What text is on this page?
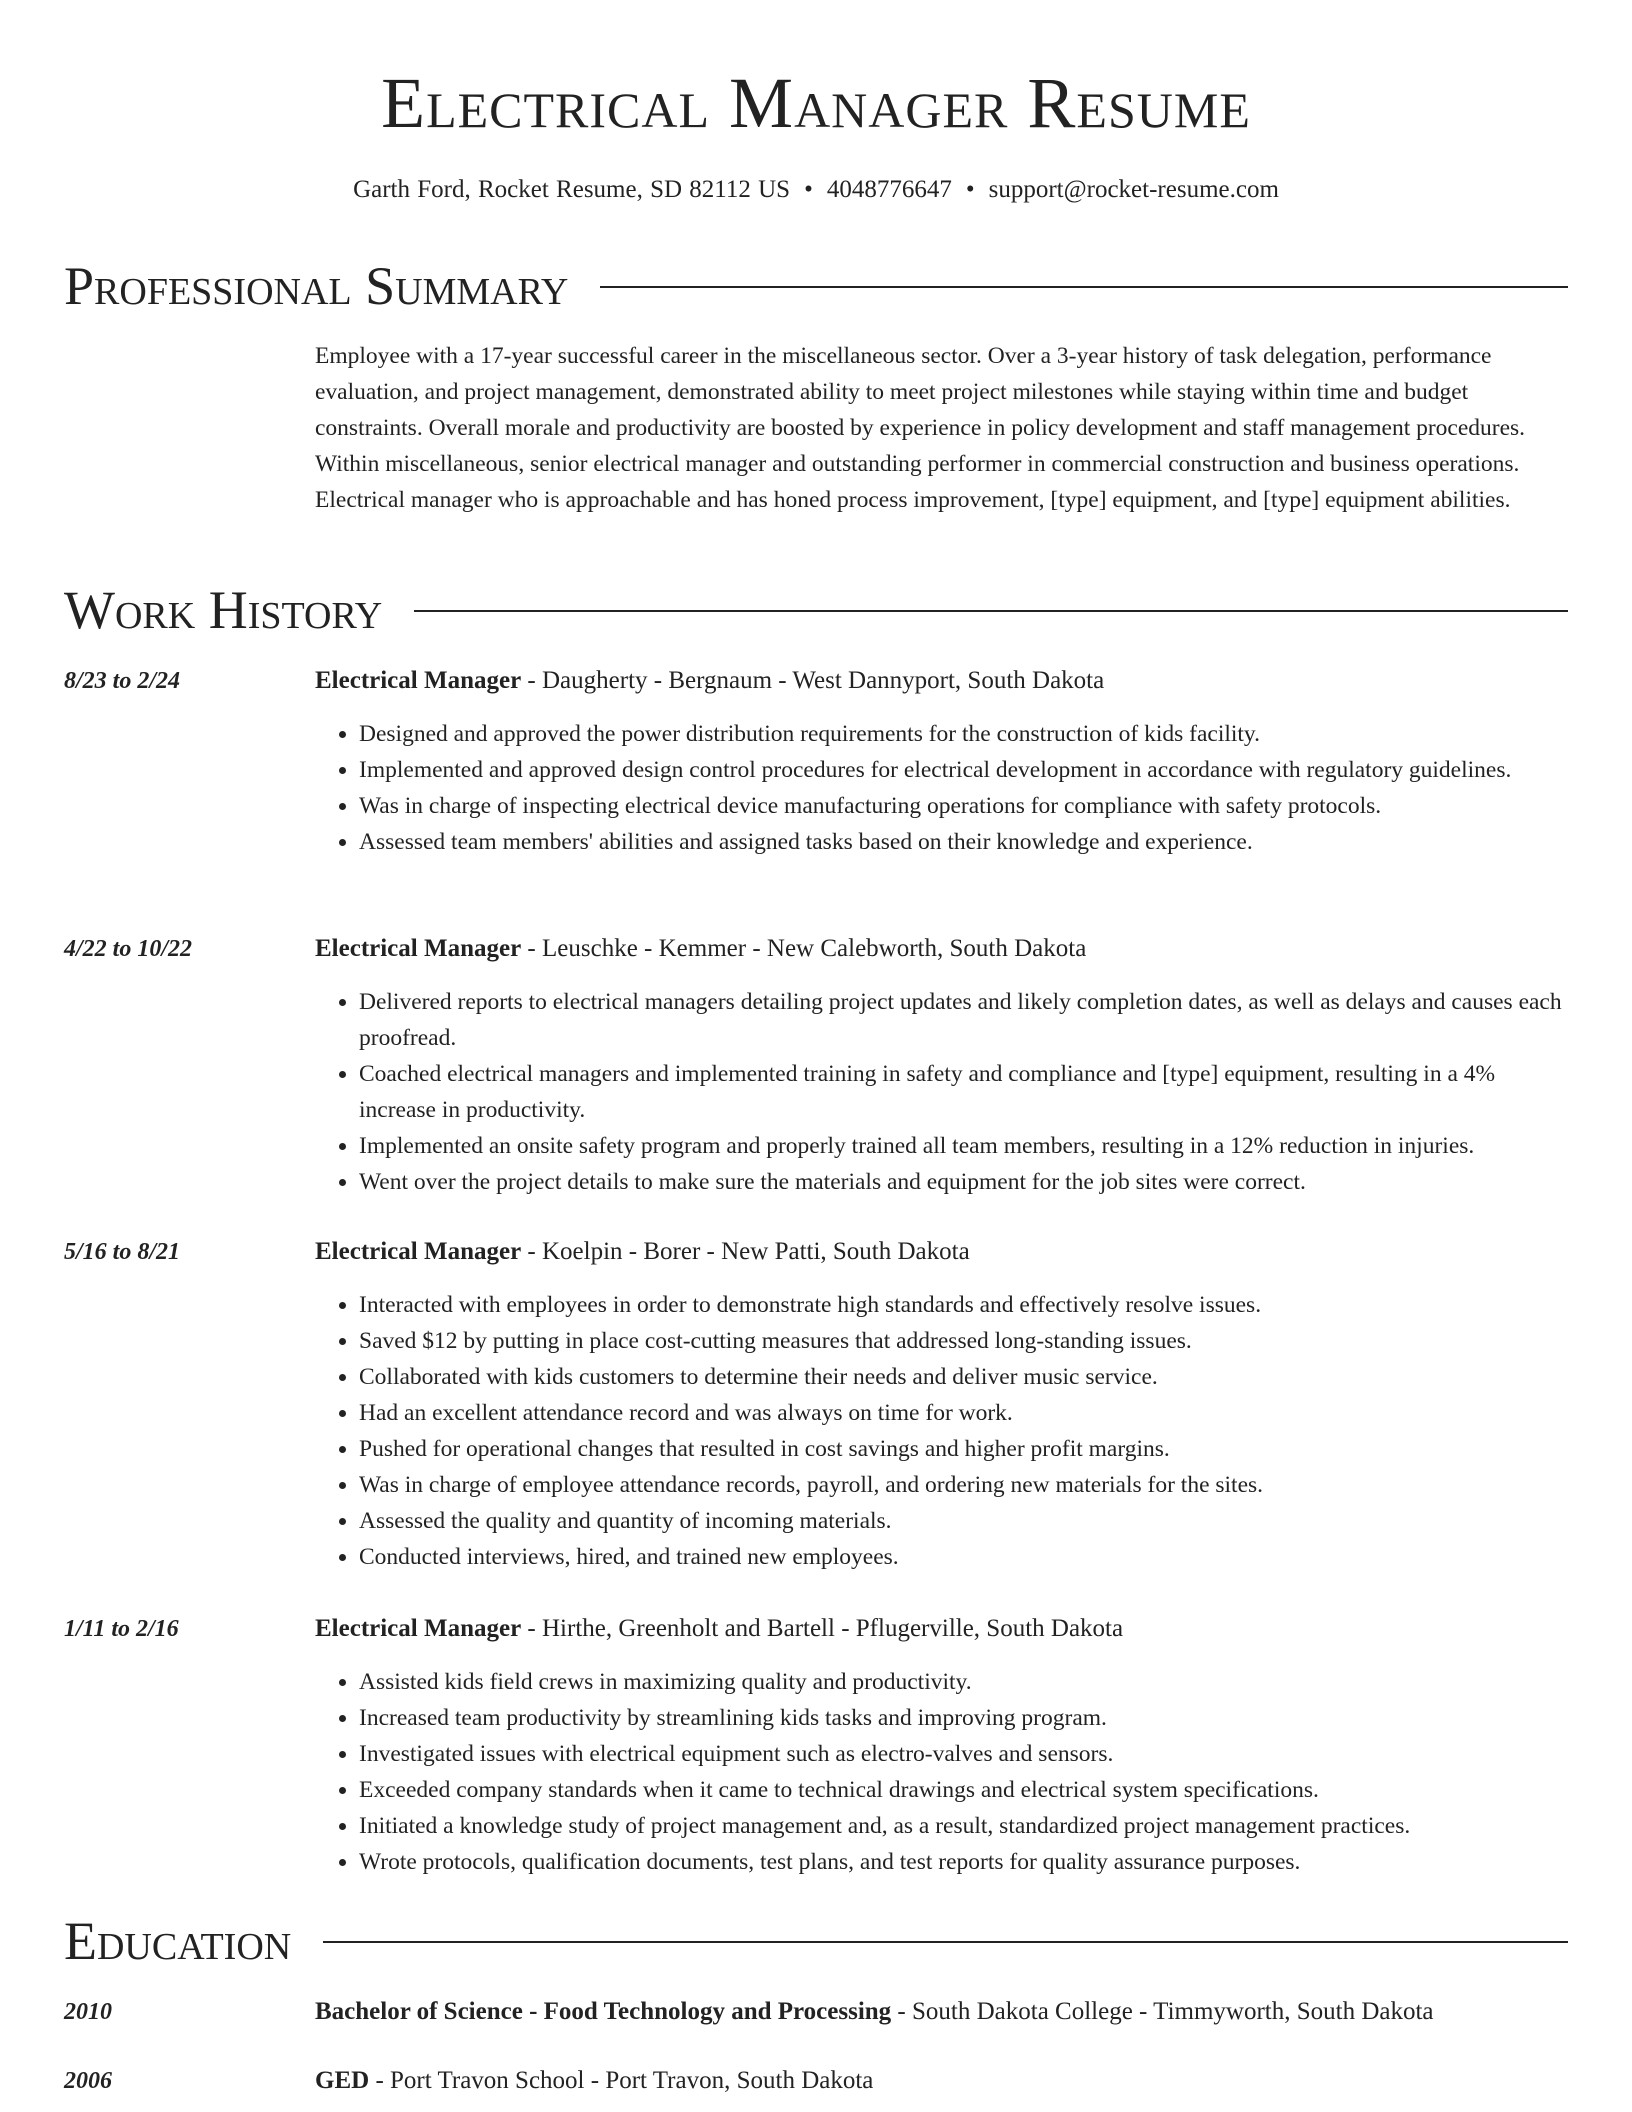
Electrical Manager Resume
Garth Ford, Rocket Resume, SD 82112 US • 4048776647 • support@rocket-resume.com
Professional Summary

Employee with a 17-year successful career in the miscellaneous sector. Over a 3-year history of task delegation, performance evaluation, and project management, demonstrated ability to meet project milestones while staying within time and budget constraints. Overall morale and productivity are boosted by experience in policy development and staff management procedures. Within miscellaneous, senior electrical manager and outstanding performer in commercial construction and business operations. Electrical manager who is approachable and has honed process improvement, [type] equipment, and [type] equipment abilities.

Work History
8/23 to 2/24	Electrical Manager - Daugherty - Bergnaum - West Dannyport, South Dakota
• Designed and approved the power distribution requirements for the construction of kids facility.
• Implemented and approved design control procedures for electrical development in accordance with regulatory guidelines.
• Was in charge of inspecting electrical device manufacturing operations for compliance with safety protocols.
• Assessed team members' abilities and assigned tasks based on their knowledge and experience.
4/22 to 10/22	Electrical Manager - Leuschke - Kemmer - New Calebworth, South Dakota
• Delivered reports to electrical managers detailing project updates and likely completion dates, as well as delays and causes each proofread.
• Coached electrical managers and implemented training in safety and compliance and [type] equipment, resulting in a 4% increase in productivity.
• Implemented an onsite safety program and properly trained all team members, resulting in a 12% reduction in injuries.
• Went over the project details to make sure the materials and equipment for the job sites were correct.
5/16 to 8/21	Electrical Manager - Koelpin - Borer - New Patti, South Dakota
• Interacted with employees in order to demonstrate high standards and effectively resolve issues.
• Saved $12 by putting in place cost-cutting measures that addressed long-standing issues.
• Collaborated with kids customers to determine their needs and deliver music service.
• Had an excellent attendance record and was always on time for work.
• Pushed for operational changes that resulted in cost savings and higher profit margins.
• Was in charge of employee attendance records, payroll, and ordering new materials for the sites.
• Assessed the quality and quantity of incoming materials.
• Conducted interviews, hired, and trained new employees.
1/11 to 2/16	Electrical Manager - Hirthe, Greenholt and Bartell - Pflugerville, South Dakota
• Assisted kids field crews in maximizing quality and productivity.
• Increased team productivity by streamlining kids tasks and improving program.
• Investigated issues with electrical equipment such as electro-valves and sensors.
• Exceeded company standards when it came to technical drawings and electrical system specifications.
• Initiated a knowledge study of project management and, as a result, standardized project management practices.
• Wrote protocols, qualification documents, test plans, and test reports for quality assurance purposes.
Education
2010	Bachelor of Science - Food Technology and Processing - South Dakota College - Timmyworth, South Dakota
2006	GED - Port Travon School - Port Travon, South Dakota
